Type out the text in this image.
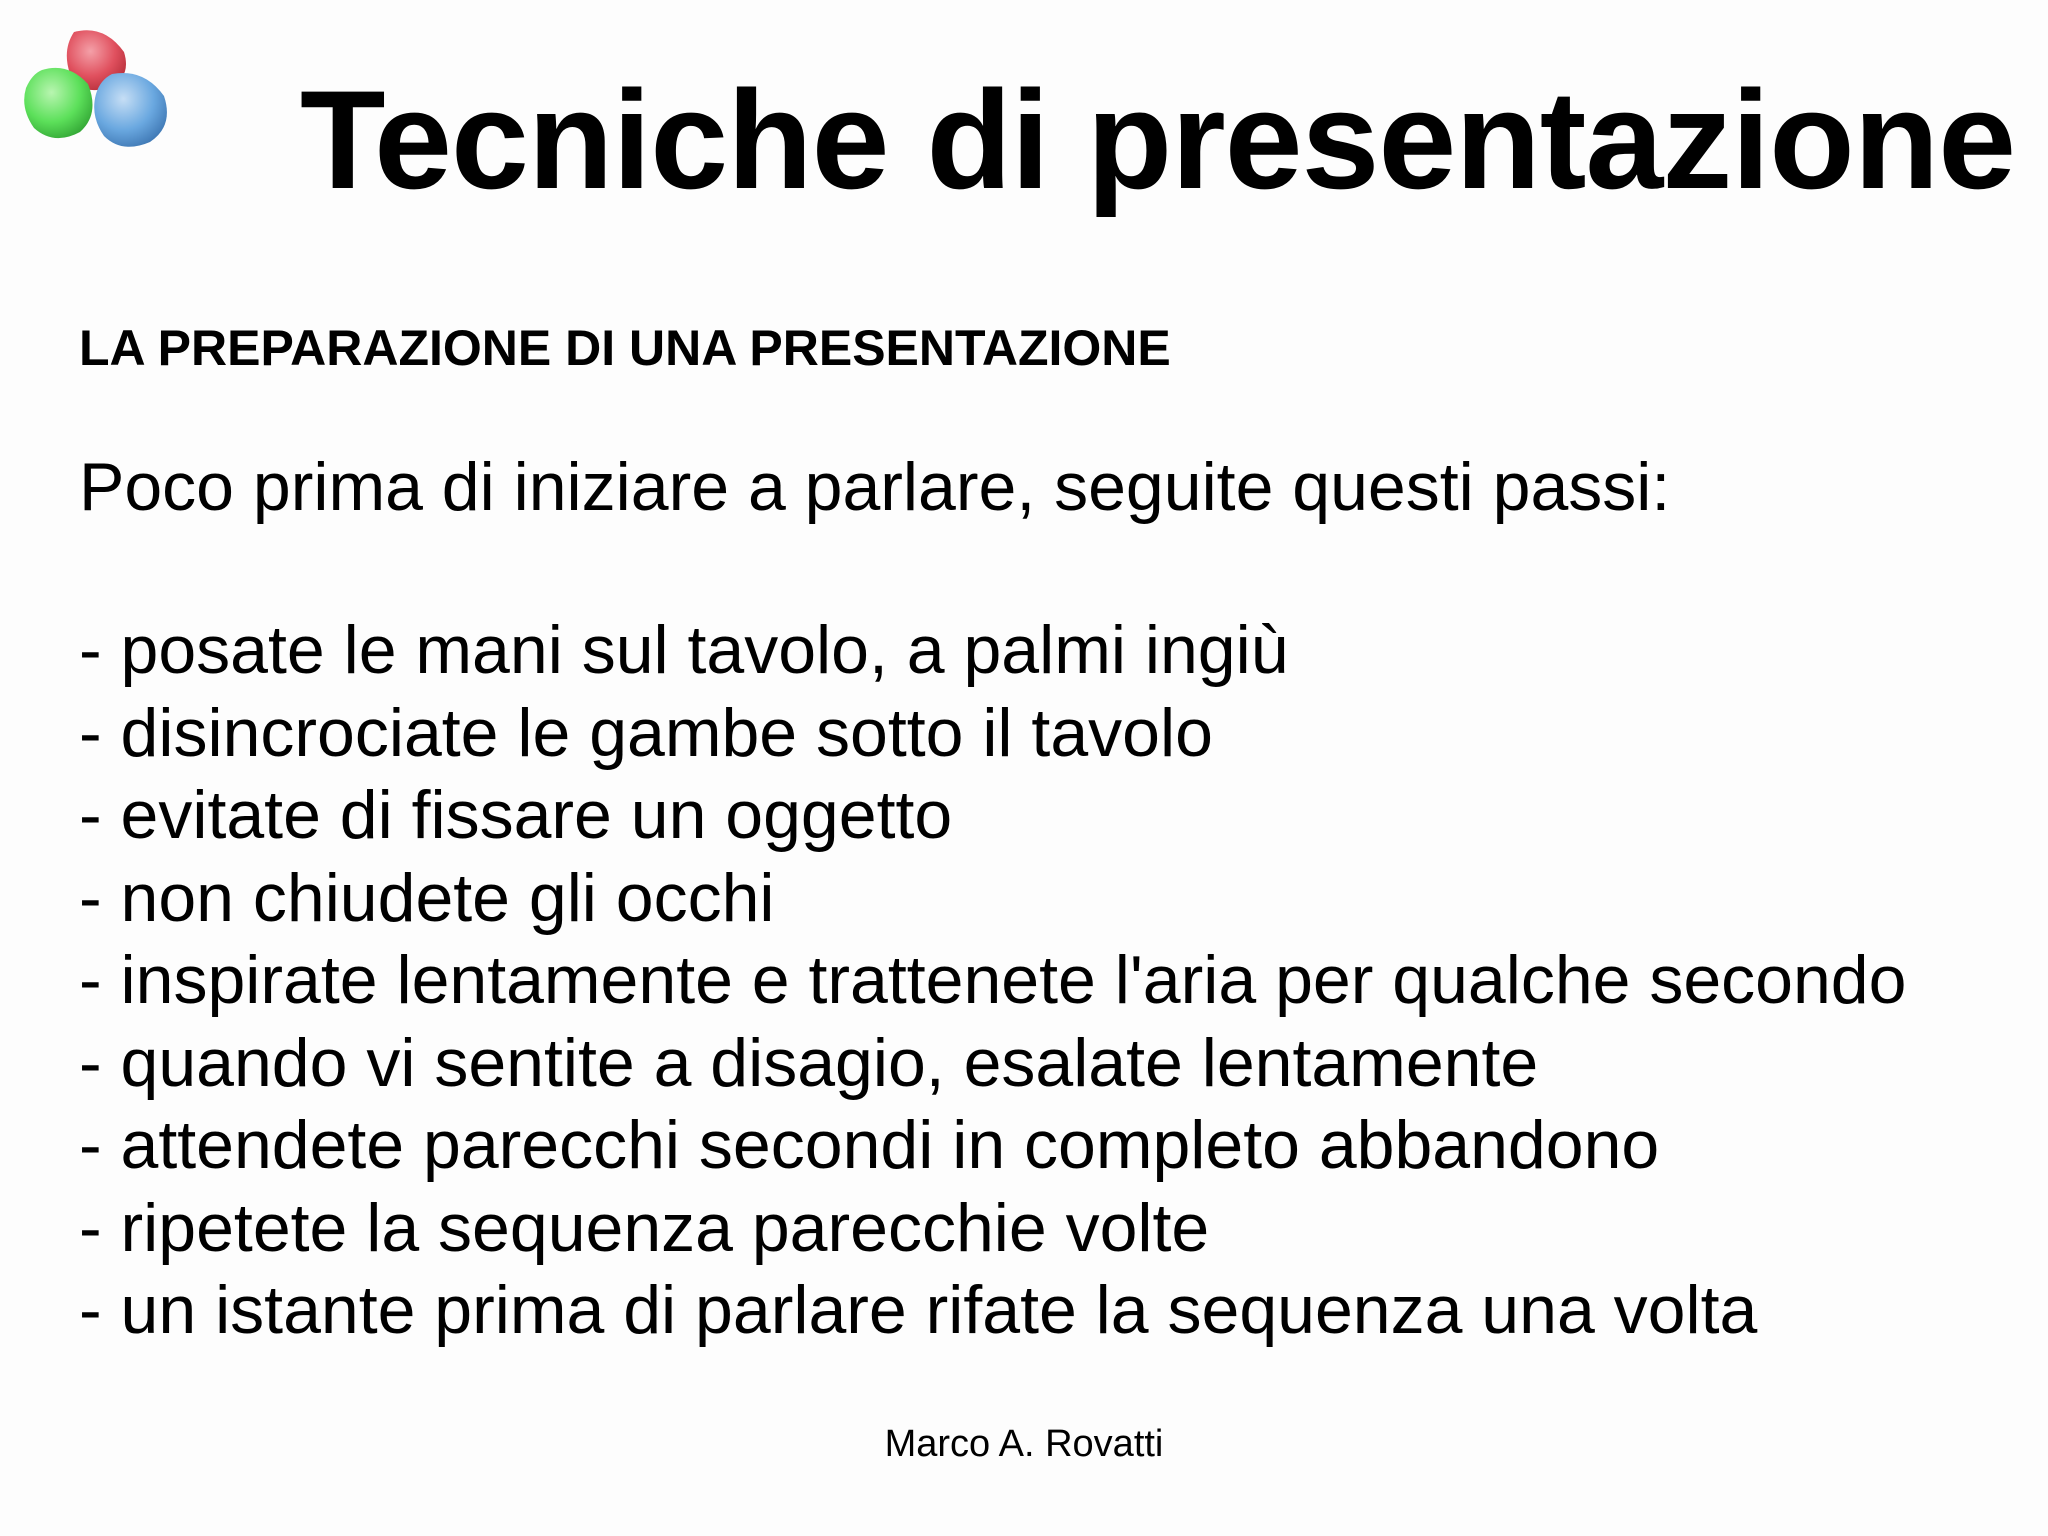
Tecniche di presentazione
LA PREPARAZIONE DI UNA PRESENTAZIONE
Poco prima di iniziare a parlare, seguite questi passi:
- posate le mani sul tavolo, a palmi ingiù
- disincrociate le gambe sotto il tavolo
- evitate di fissare un oggetto
- non chiudete gli occhi
- inspirate lentamente e trattenete l'aria per qualche secondo
- quando vi sentite a disagio, esalate lentamente
- attendete parecchi secondi in completo abbandono
- ripetete la sequenza parecchie volte
- un istante prima di parlare rifate la sequenza una volta
Marco A. Rovatti
